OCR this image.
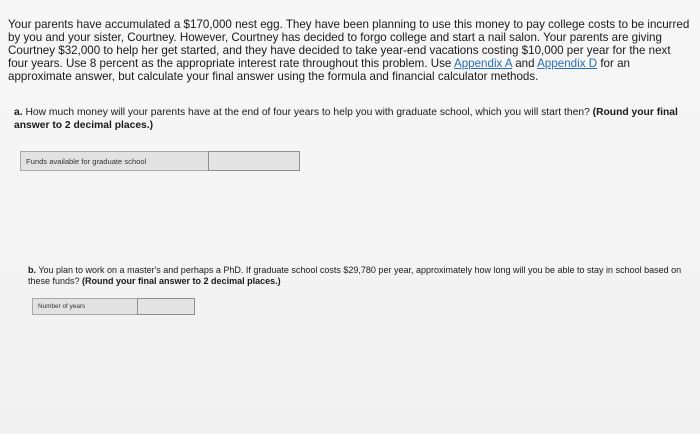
Your parents have accumulated a $170,000 nest egg. They have been planning to use this money to pay college costs to be incurred by you and your sister, Courtney. However, Courtney has decided to forgo college and start a nail salon. Your parents are giving Courtney $32,000 to help her get started, and they have decided to take year-end vacations costing $10,000 per year for the next four years. Use 8 percent as the appropriate interest rate throughout this problem. Use Appendix A and Appendix D for an approximate answer, but calculate your final answer using the formula and financial calculator methods.

a. How much money will your parents have at the end of four years to help you with graduate school, which you will start then? (Round your final answer to 2 decimal places.)

Funds available for graduate school

b. You plan to work on a master's and perhaps a PhD. If graduate school costs $29,780 per year, approximately how long will you be able to stay in school based on these funds? (Round your final answer to 2 decimal places.)

Number of years
